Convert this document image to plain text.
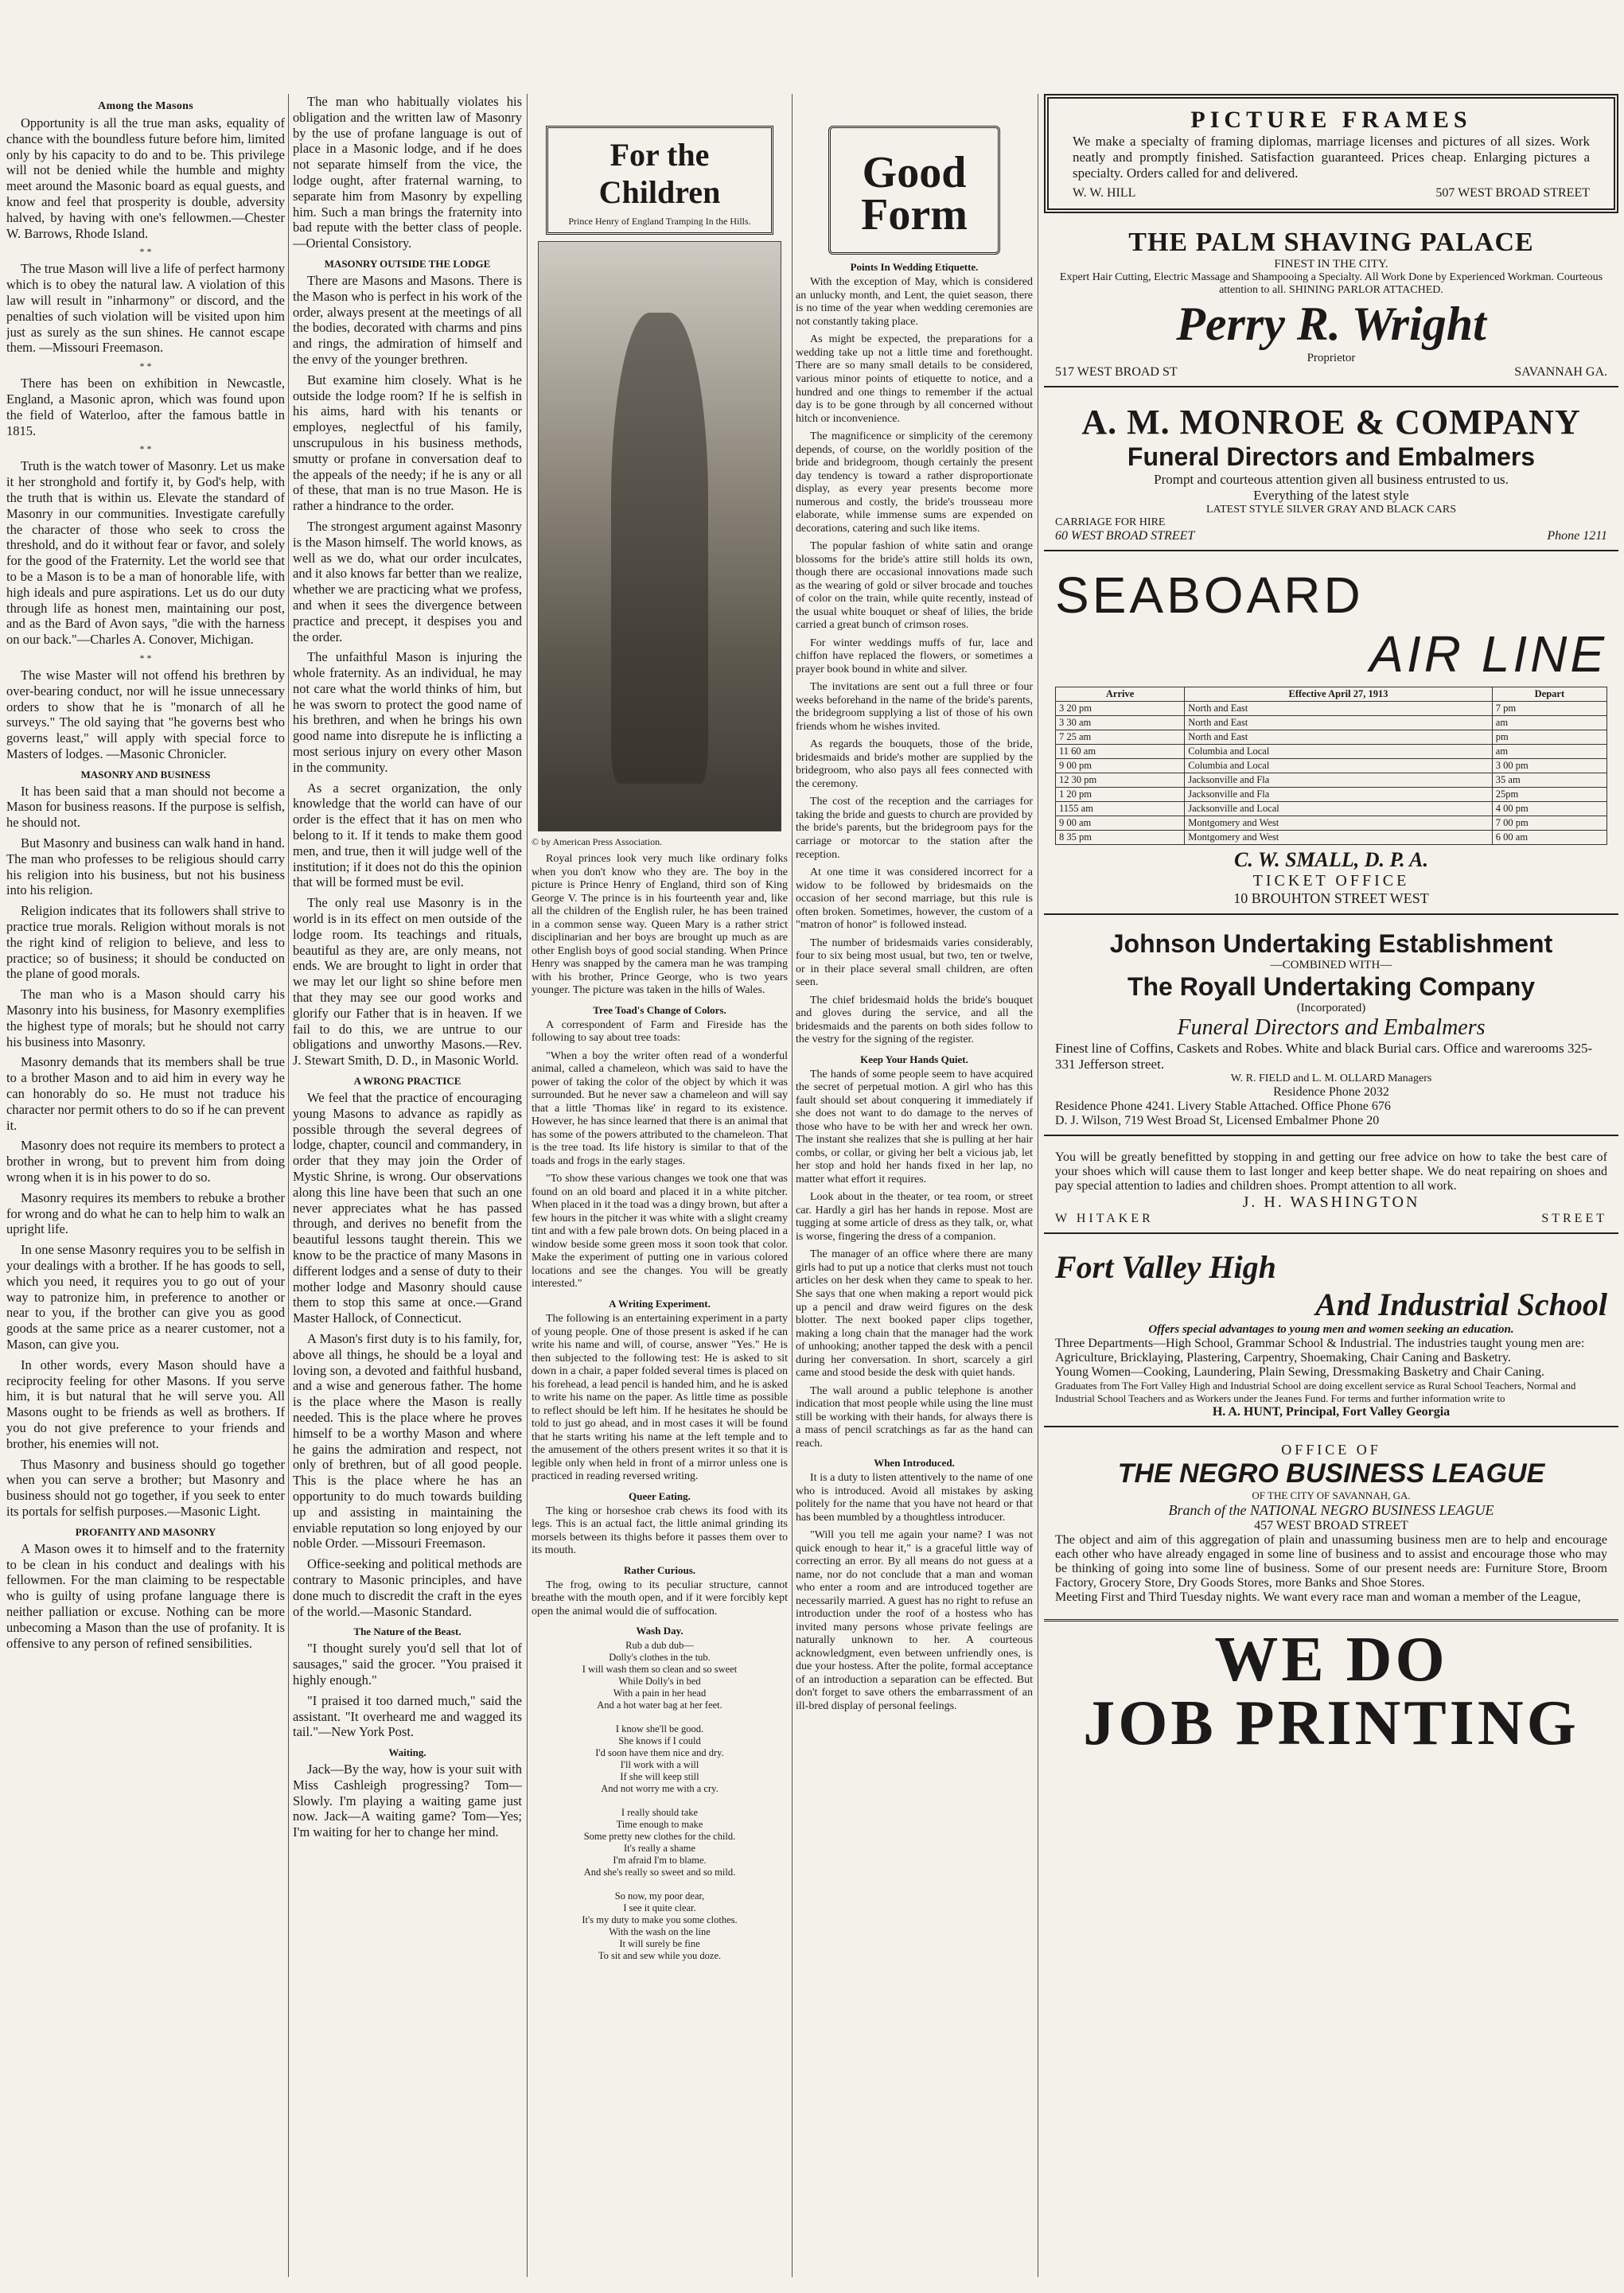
Among the Masons

Opportunity is all the true man asks, equality of chance with the boundless future before him, limited only by his capacity to do and to be. This privilege will not be denied while the humble and mighty meet around the Masonic board as equal guests, and know and feel that prosperity is double, adversity halved, by having with one's fellowmen.—Chester W. Barrows, Rhode Island.

* *

The true Mason will live a life of perfect harmony which is to obey the natural law. A violation of this law will result in "inharmony" or discord, and the penalties of such violation will be visited upon him just as surely as the sun shines. He cannot escape them. —Missouri Freemason.

* *

There has been on exhibition in Newcastle, England, a Masonic apron, which was found upon the field of Waterloo, after the famous battle in 1815.

* *

Truth is the watch tower of Masonry. Let us make it her stronghold and fortify it, by God's help, with the truth that is within us. Elevate the standard of Masonry in our communities. Investigate carefully the character of those who seek to cross the threshold, and do it without fear or favor, and solely for the good of the Fraternity. Let the world see that to be a Mason is to be a man of honorable life, with high ideals and pure aspirations. Let us do our duty through life as honest men, maintaining our post, and as the Bard of Avon says, "die with the harness on our back."—Charles A. Conover, Michigan.

* *

The wise Master will not offend his brethren by over-bearing conduct, nor will he issue unnecessary orders to show that he is "monarch of all he surveys." The old saying that "he governs best who governs least," will apply with special force to Masters of lodges. —Masonic Chronicler.

MASONRY AND BUSINESS

It has been said that a man should not become a Mason for business reasons. If the purpose is selfish, he should not.

But Masonry and business can walk hand in hand. The man who professes to be religious should carry his religion into his business, but not his business into his religion.

Religion indicates that its followers shall strive to practice true morals. Religion without morals is not the right kind of religion to believe, and less to practice; so of business; it should be conducted on the plane of good morals.

The man who is a Mason should carry his Masonry into his business, for Masonry exemplifies the highest type of morals; but he should not carry his business into Masonry.

Masonry demands that its members shall be true to a brother Mason and to aid him in every way he can honorably do so. He must not traduce his character nor permit others to do so if he can prevent it.

Masonry does not require its members to protect a brother in wrong, but to prevent him from doing wrong when it is in his power to do so.

Masonry requires its members to rebuke a brother for wrong and do what he can to help him to walk an upright life.

In one sense Masonry requires you to be selfish in your dealings with a brother. If he has goods to sell, which you need, it requires you to go out of your way to patronize him, in preference to another or near to you, if the brother can give you as good goods at the same price as a nearer customer, not a Mason, can give you.

In other words, every Mason should have a reciprocity feeling for other Masons. If you serve him, it is but natural that he will serve you. All Masons ought to be friends as well as brothers. If you do not give preference to your friends and brother, his enemies will not.

Thus Masonry and business should go together when you can serve a brother; but Masonry and business should not go together, if you seek to enter its portals for selfish purposes.—Masonic Light.

PROFANITY AND MASONRY

A Mason owes it to himself and to the fraternity to be clean in his conduct and dealings with his fellowmen. For the man claiming to be respectable who is guilty of using profane language there is neither palliation or excuse. Nothing can be more unbecoming a Mason than the use of profanity. It is offensive to any person of refined sensibilities.

The man who habitually violates his obligation and the written law of Masonry by the use of profane language is out of place in a Masonic lodge, and if he does not separate himself from the vice, the lodge ought, after fraternal warning, to separate him from Masonry by expelling him. Such a man brings the fraternity into bad repute with the better class of people.—Oriental Consistory.

MASONRY OUTSIDE THE LODGE

There are Masons and Masons. There is the Mason who is perfect in his work of the order, always present at the meetings of all the bodies, decorated with charms and pins and rings, the admiration of himself and the envy of the younger brethren.

But examine him closely. What is he outside the lodge room? If he is selfish in his aims, hard with his tenants or employes, neglectful of his family, unscrupulous in his business methods, smutty or profane in conversation deaf to the appeals of the needy; if he is any or all of these, that man is no true Mason. He is rather a hindrance to the order.

The strongest argument against Masonry is the Mason himself. The world knows, as well as we do, what our order inculcates, and it also knows far better than we realize, whether we are practicing what we profess, and when it sees the divergence between practice and precept, it despises you and the order.

The unfaithful Mason is injuring the whole fraternity. As an individual, he may not care what the world thinks of him, but he was sworn to protect the good name of his brethren, and when he brings his own good name into disrepute he is inflicting a most serious injury on every other Mason in the community.

As a secret organization, the only knowledge that the world can have of our order is the effect that it has on men who belong to it. If it tends to make them good men, and true, then it will judge well of the institution; if it does not do this the opinion that will be formed must be evil.

The only real use Masonry is in the world is in its effect on men outside of the lodge room. Its teachings and rituals, beautiful as they are, are only means, not ends. We are brought to light in order that we may let our light so shine before men that they may see our good works and glorify our Father that is in heaven. If we fail to do this, we are untrue to our obligations and unworthy Masons.—Rev. J. Stewart Smith, D. D., in Masonic World.

A WRONG PRACTICE

We feel that the practice of encouraging young Masons to advance as rapidly as possible through the several degrees of lodge, chapter, council and commandery, in order that they may join the Order of Mystic Shrine, is wrong. Our observations along this line have been that such an one never appreciates what he has passed through, and derives no benefit from the beautiful lessons taught therein. This we know to be the practice of many Masons in different lodges and a sense of duty to their mother lodge and Masonry should cause them to stop this same at once.—Grand Master Hallock, of Connecticut.

A Mason's first duty is to his family, for, above all things, he should be a loyal and loving son, a devoted and faithful husband, and a wise and generous father. The home is the place where the Mason is really needed. This is the place where he proves himself to be a worthy Mason and where he gains the admiration and respect, not only of brethren, but of all good people. This is the place where he has an opportunity to do much towards building up and assisting in maintaining the enviable reputation so long enjoyed by our noble Order. —Missouri Freemason.

Office-seeking and political methods are contrary to Masonic principles, and have done much to discredit the craft in the eyes of the world.—Masonic Standard.

The Nature of the Beast.

"I thought surely you'd sell that lot of sausages," said the grocer. "You praised it highly enough."

"I praised it too darned much," said the assistant. "It overheard me and wagged its tail."—New York Post.

Waiting.

Jack—By the way, how is your suit with Miss Cashleigh progressing? Tom—Slowly. I'm playing a waiting game just now. Jack—A waiting game? Tom—Yes; I'm waiting for her to change her mind.

For the Children
Prince Henry of England Tramping In the Hills.
© by American Press Association.

Royal princes look very much like ordinary folks when you don't know who they are. The boy in the picture is Prince Henry of England, third son of King George V. The prince is in his fourteenth year and, like all the children of the English ruler, he has been trained in a common sense way. Queen Mary is a rather strict disciplinarian and her boys are brought up much as are other English boys of good social standing. When Prince Henry was snapped by the camera man he was tramping with his brother, Prince George, who is two years younger. The picture was taken in the hills of Wales.

Tree Toad's Change of Colors.

A correspondent of Farm and Fireside has the following to say about tree toads:

"When a boy the writer often read of a wonderful animal, called a chameleon, which was said to have the power of taking the color of the object by which it was surrounded. But he never saw a chameleon and will say that a little 'Thomas like' in regard to its existence. However, he has since learned that there is an animal that has some of the powers attributed to the chameleon. That is the tree toad. Its life history is similar to that of the toads and frogs in the early stages.

"To show these various changes we took one that was found on an old board and placed it in a white pitcher. When placed in it the toad was a dingy brown, but after a few hours in the pitcher it was white with a slight creamy tint and with a few pale brown dots. On being placed in a window beside some green moss it soon took that color. Make the experiment of putting one in various colored locations and see the changes. You will be greatly interested."

A Writing Experiment.

The following is an entertaining experiment in a party of young people. One of those present is asked if he can write his name and will, of course, answer "Yes." He is then subjected to the following test: He is asked to sit down in a chair, a paper folded several times is placed on his forehead, a lead pencil is handed him, and he is asked to write his name on the paper. As little time as possible to reflect should be left him. If he hesitates he should be told to just go ahead, and in most cases it will be found that he starts writing his name at the left temple and to the amusement of the others present writes it so that it is legible only when held in front of a mirror unless one is practiced in reading reversed writing.

Queer Eating.

The king or horseshoe crab chews its food with its legs. This is an actual fact, the little animal grinding its morsels between its thighs before it passes them over to its mouth.

Rather Curious.

The frog, owing to its peculiar structure, cannot breathe with the mouth open, and if it were forcibly kept open the animal would die of suffocation.

Wash Day.
Rub a dub dub—
Dolly's clothes in the tub.
I will wash them so clean and so sweet
While Dolly's in bed
With a pain in her head
And a hot water bag at her feet.

I know she'll be good.
She knows if I could
I'd soon have them nice and dry.
I'll work with a will
If she will keep still
And not worry me with a cry.

I really should take
Time enough to make
Some pretty new clothes for the child.
It's really a shame
I'm afraid I'm to blame.
And she's really so sweet and so mild.

So now, my poor dear,
I see it quite clear.
It's my duty to make you some clothes.
With the wash on the line
It will surely be fine
To sit and sew while you doze.
Good Form
Points In Wedding Etiquette.

With the exception of May, which is considered an unlucky month, and Lent, the quiet season, there is no time of the year when wedding ceremonies are not constantly taking place.

As might be expected, the preparations for a wedding take up not a little time and forethought. There are so many small details to be considered, various minor points of etiquette to notice, and a hundred and one things to remember if the actual day is to be gone through by all concerned without hitch or inconvenience.

The magnificence or simplicity of the ceremony depends, of course, on the worldly position of the bride and bridegroom, though certainly the present day tendency is toward a rather disproportionate display, as every year presents become more numerous and costly, the bride's trousseau more elaborate, while immense sums are expended on decorations, catering and such like items.

The popular fashion of white satin and orange blossoms for the bride's attire still holds its own, though there are occasional innovations made such as the wearing of gold or silver brocade and touches of color on the train, while quite recently, instead of the usual white bouquet or sheaf of lilies, the bride carried a great bunch of crimson roses.

For winter weddings muffs of fur, lace and chiffon have replaced the flowers, or sometimes a prayer book bound in white and silver.

The invitations are sent out a full three or four weeks beforehand in the name of the bride's parents, the bridegroom supplying a list of those of his own friends whom he wishes invited.

As regards the bouquets, those of the bride, bridesmaids and bride's mother are supplied by the bridegroom, who also pays all fees connected with the ceremony.

The cost of the reception and the carriages for taking the bride and guests to church are provided by the bride's parents, but the bridegroom pays for the carriage or motorcar to the station after the reception.

At one time it was considered incorrect for a widow to be followed by bridesmaids on the occasion of her second marriage, but this rule is often broken. Sometimes, however, the custom of a "matron of honor" is followed instead.

The number of bridesmaids varies considerably, four to six being most usual, but two, ten or twelve, or in their place several small children, are often seen.

The chief bridesmaid holds the bride's bouquet and gloves during the service, and all the bridesmaids and the parents on both sides follow to the vestry for the signing of the register.

Keep Your Hands Quiet.

The hands of some people seem to have acquired the secret of perpetual motion. A girl who has this fault should set about conquering it immediately if she does not want to do damage to the nerves of those who have to be with her and wreck her own. The instant she realizes that she is pulling at her hair combs, or collar, or giving her belt a vicious jab, let her stop and hold her hands fixed in her lap, no matter what effort it requires.

Look about in the theater, or tea room, or street car. Hardly a girl has her hands in repose. Most are tugging at some article of dress as they talk, or, what is worse, fingering the dress of a companion.

The manager of an office where there are many girls had to put up a notice that clerks must not touch articles on her desk when they came to speak to her. She says that one when making a report would pick up a pencil and draw weird figures on the desk blotter. The next booked paper clips together, making a long chain that the manager had the work of unhooking; another tapped the desk with a pencil during her conversation. In short, scarcely a girl came and stood beside the desk with quiet hands.

The wall around a public telephone is another indication that most people while using the line must still be working with their hands, for always there is a mass of pencil scratchings as far as the hand can reach.

When Introduced.

It is a duty to listen attentively to the name of one who is introduced. Avoid all mistakes by asking politely for the name that you have not heard or that has been mumbled by a thoughtless introducer.

"Will you tell me again your name? I was not quick enough to hear it," is a graceful little way of correcting an error. By all means do not guess at a name, nor do not conclude that a man and woman who enter a room and are introduced together are necessarily married. A guest has no right to refuse an introduction under the roof of a hostess who has invited many persons whose private feelings are naturally unknown to her. A courteous acknowledgment, even between unfriendly ones, is due your hostess. After the polite, formal acceptance of an introduction a separation can be effected. But don't forget to save others the embarrassment of an ill-bred display of personal feelings.

PICTURE FRAMES
We make a specialty of framing diplomas, marriage licenses and pictures of all sizes. Work neatly and promptly finished. Satisfaction guaranteed. Prices cheap. Enlarging pictures a specialty. Orders called for and delivered.
W. W. HILL	507 WEST BROAD STREET
THE PALM SHAVING PALACE
FINEST IN THE CITY.
Expert Hair Cutting, Electric Massage and Shampooing a Specialty. All Work Done by Experienced Workman. Courteous attention to all. SHINING PARLOR ATTACHED.
Perry R. Wright
Proprietor
517 WEST BROAD ST	SAVANNAH GA.
A. M. MONROE & COMPANY
Funeral Directors and Embalmers
Prompt and courteous attention given all business entrusted to us.
Everything of the latest style
LATEST STYLE SILVER GRAY AND BLACK CARS
CARRIAGE FOR HIRE
60 WEST BROAD STREET	Phone 1211
SEABOARD
AIR LINE
Arrive	Effective April 27, 1913	Depart
3 20 pm	North and East	7 pm
3 30 am	North and East	am
7 25 am	North and East	pm
11 60 am	Columbia and Local	am
9 00 pm	Columbia and Local	3 00 pm
12 30 pm	Jacksonville and Fla	35 am
1 20 pm	Jacksonville and Fla	25pm
1155 am	Jacksonville and Local	4 00 pm
9 00 am	Montgomery and West	7 00 pm
8 35 pm	Montgomery and West	6 00 am
C. W. SMALL, D. P. A.
TICKET OFFICE
10 BROUHTON STREET WEST
Johnson Undertaking Establishment
—COMBINED WITH—
The Royall Undertaking Company
(Incorporated)
Funeral Directors and Embalmers
Finest line of Coffins, Caskets and Robes. White and black Burial cars. Office and warerooms 325-331 Jefferson street.
W. R. FIELD and L. M. OLLARD Managers
Residence Phone 2032
Residence Phone 4241. Livery Stable Attached. Office Phone 676
D. J. Wilson, 719 West Broad St, Licensed Embalmer Phone 20
You will be greatly benefitted by stopping in and getting our free advice on how to take the best care of your shoes which will cause them to last longer and keep better shape. We do neat repairing on shoes and pay special attention to ladies and children shoes. Prompt attention to all work.
J. H. WASHINGTON
W HITAKER	STREET
Fort Valley High
And Industrial School
Offers special advantages to young men and women seeking an education.
Three Departments—High School, Grammar School & Industrial. The industries taught young men are: Agriculture, Bricklaying, Plastering, Carpentry, Shoemaking, Chair Caning and Basketry.
Young Women—Cooking, Laundering, Plain Sewing, Dressmaking Basketry and Chair Caning.
Graduates from The Fort Valley High and Industrial School are doing excellent service as Rural School Teachers, Normal and Industrial School Teachers and as Workers under the Jeanes Fund. For terms and further information write to
H. A. HUNT, Principal, Fort Valley Georgia
OFFICE OF
THE NEGRO BUSINESS LEAGUE
OF THE CITY OF SAVANNAH, GA.
Branch of the NATIONAL NEGRO BUSINESS LEAGUE
457 WEST BROAD STREET
The object and aim of this aggregation of plain and unassuming business men are to help and encourage each other who have already engaged in some line of business and to assist and encourage those who may be thinking of going into some line of business. Some of our present needs are: Furniture Store, Broom Factory, Grocery Store, Dry Goods Stores, more Banks and Shoe Stores.
Meeting First and Third Tuesday nights. We want every race man and woman a member of the League,
WE DO
JOB PRINTING
